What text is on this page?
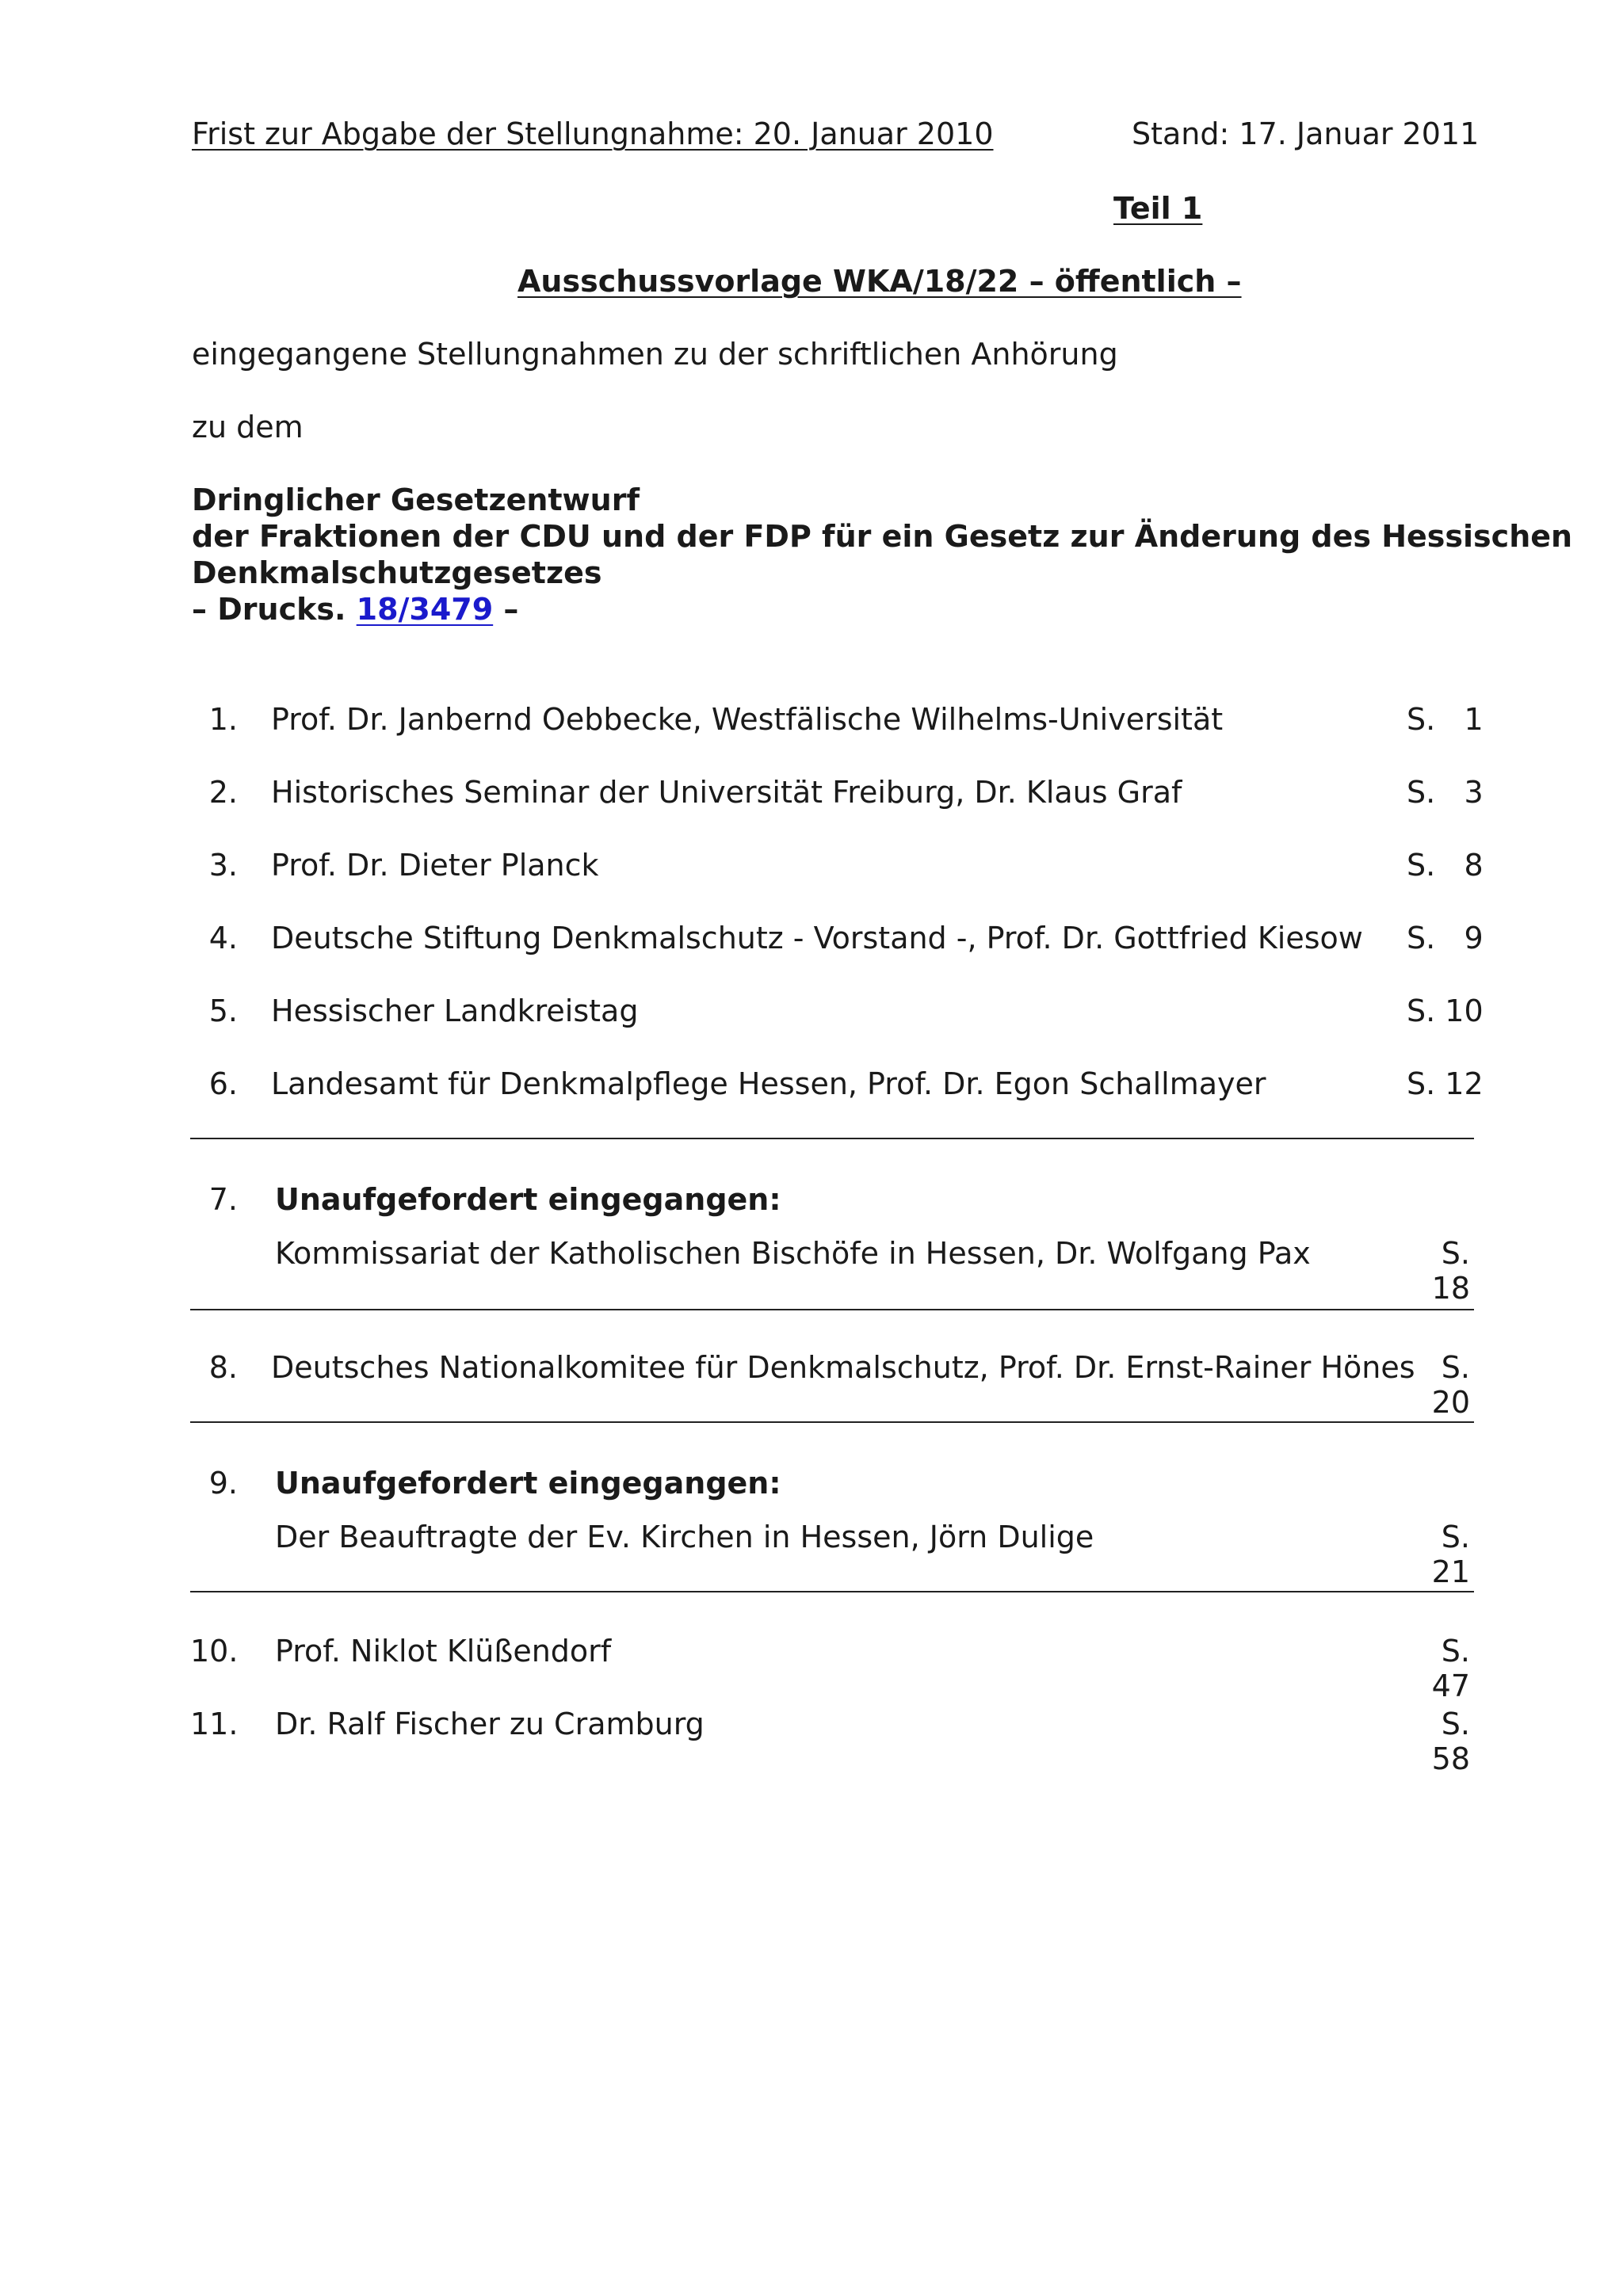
Frist zur Abgabe der Stellungnahme: 20. Januar 2010	Stand: 17. Januar 2011
Teil 1
Ausschussvorlage WKA/18/22 – öffentlich –
eingegangene Stellungnahmen zu der schriftlichen Anhörung
zu dem
Dringlicher Gesetzentwurf
der Fraktionen der CDU und der FDP für ein Gesetz zur Änderung des Hessischen
Denkmalschutzgesetzes
– Drucks. 18/3479 –
1. Prof. Dr. Janbernd Oebbecke, Westfälische Wilhelms-Universität	S.   1
2. Historisches Seminar der Universität Freiburg, Dr. Klaus Graf	S.   3
3. Prof. Dr. Dieter Planck	S.   8
4. Deutsche Stiftung Denkmalschutz - Vorstand -, Prof. Dr. Gottfried Kiesow S.   9
5. Hessischer Landkreistag	S. 10
6. Landesamt für Denkmalpflege Hessen, Prof. Dr. Egon Schallmayer	S. 12
7. Unaufgefordert eingegangen:
Kommissariat der Katholischen Bischöfe in Hessen, Dr. Wolfgang Pax	S. 18
8. Deutsches Nationalkomitee für Denkmalschutz, Prof. Dr. Ernst-Rainer Hönes S. 20
9. Unaufgefordert eingegangen:
Der Beauftragte der Ev. Kirchen in Hessen, Jörn Dulige	S. 21
10. Prof. Niklot Klüßendorf	S. 47
11. Dr. Ralf Fischer zu Cramburg	S. 58
